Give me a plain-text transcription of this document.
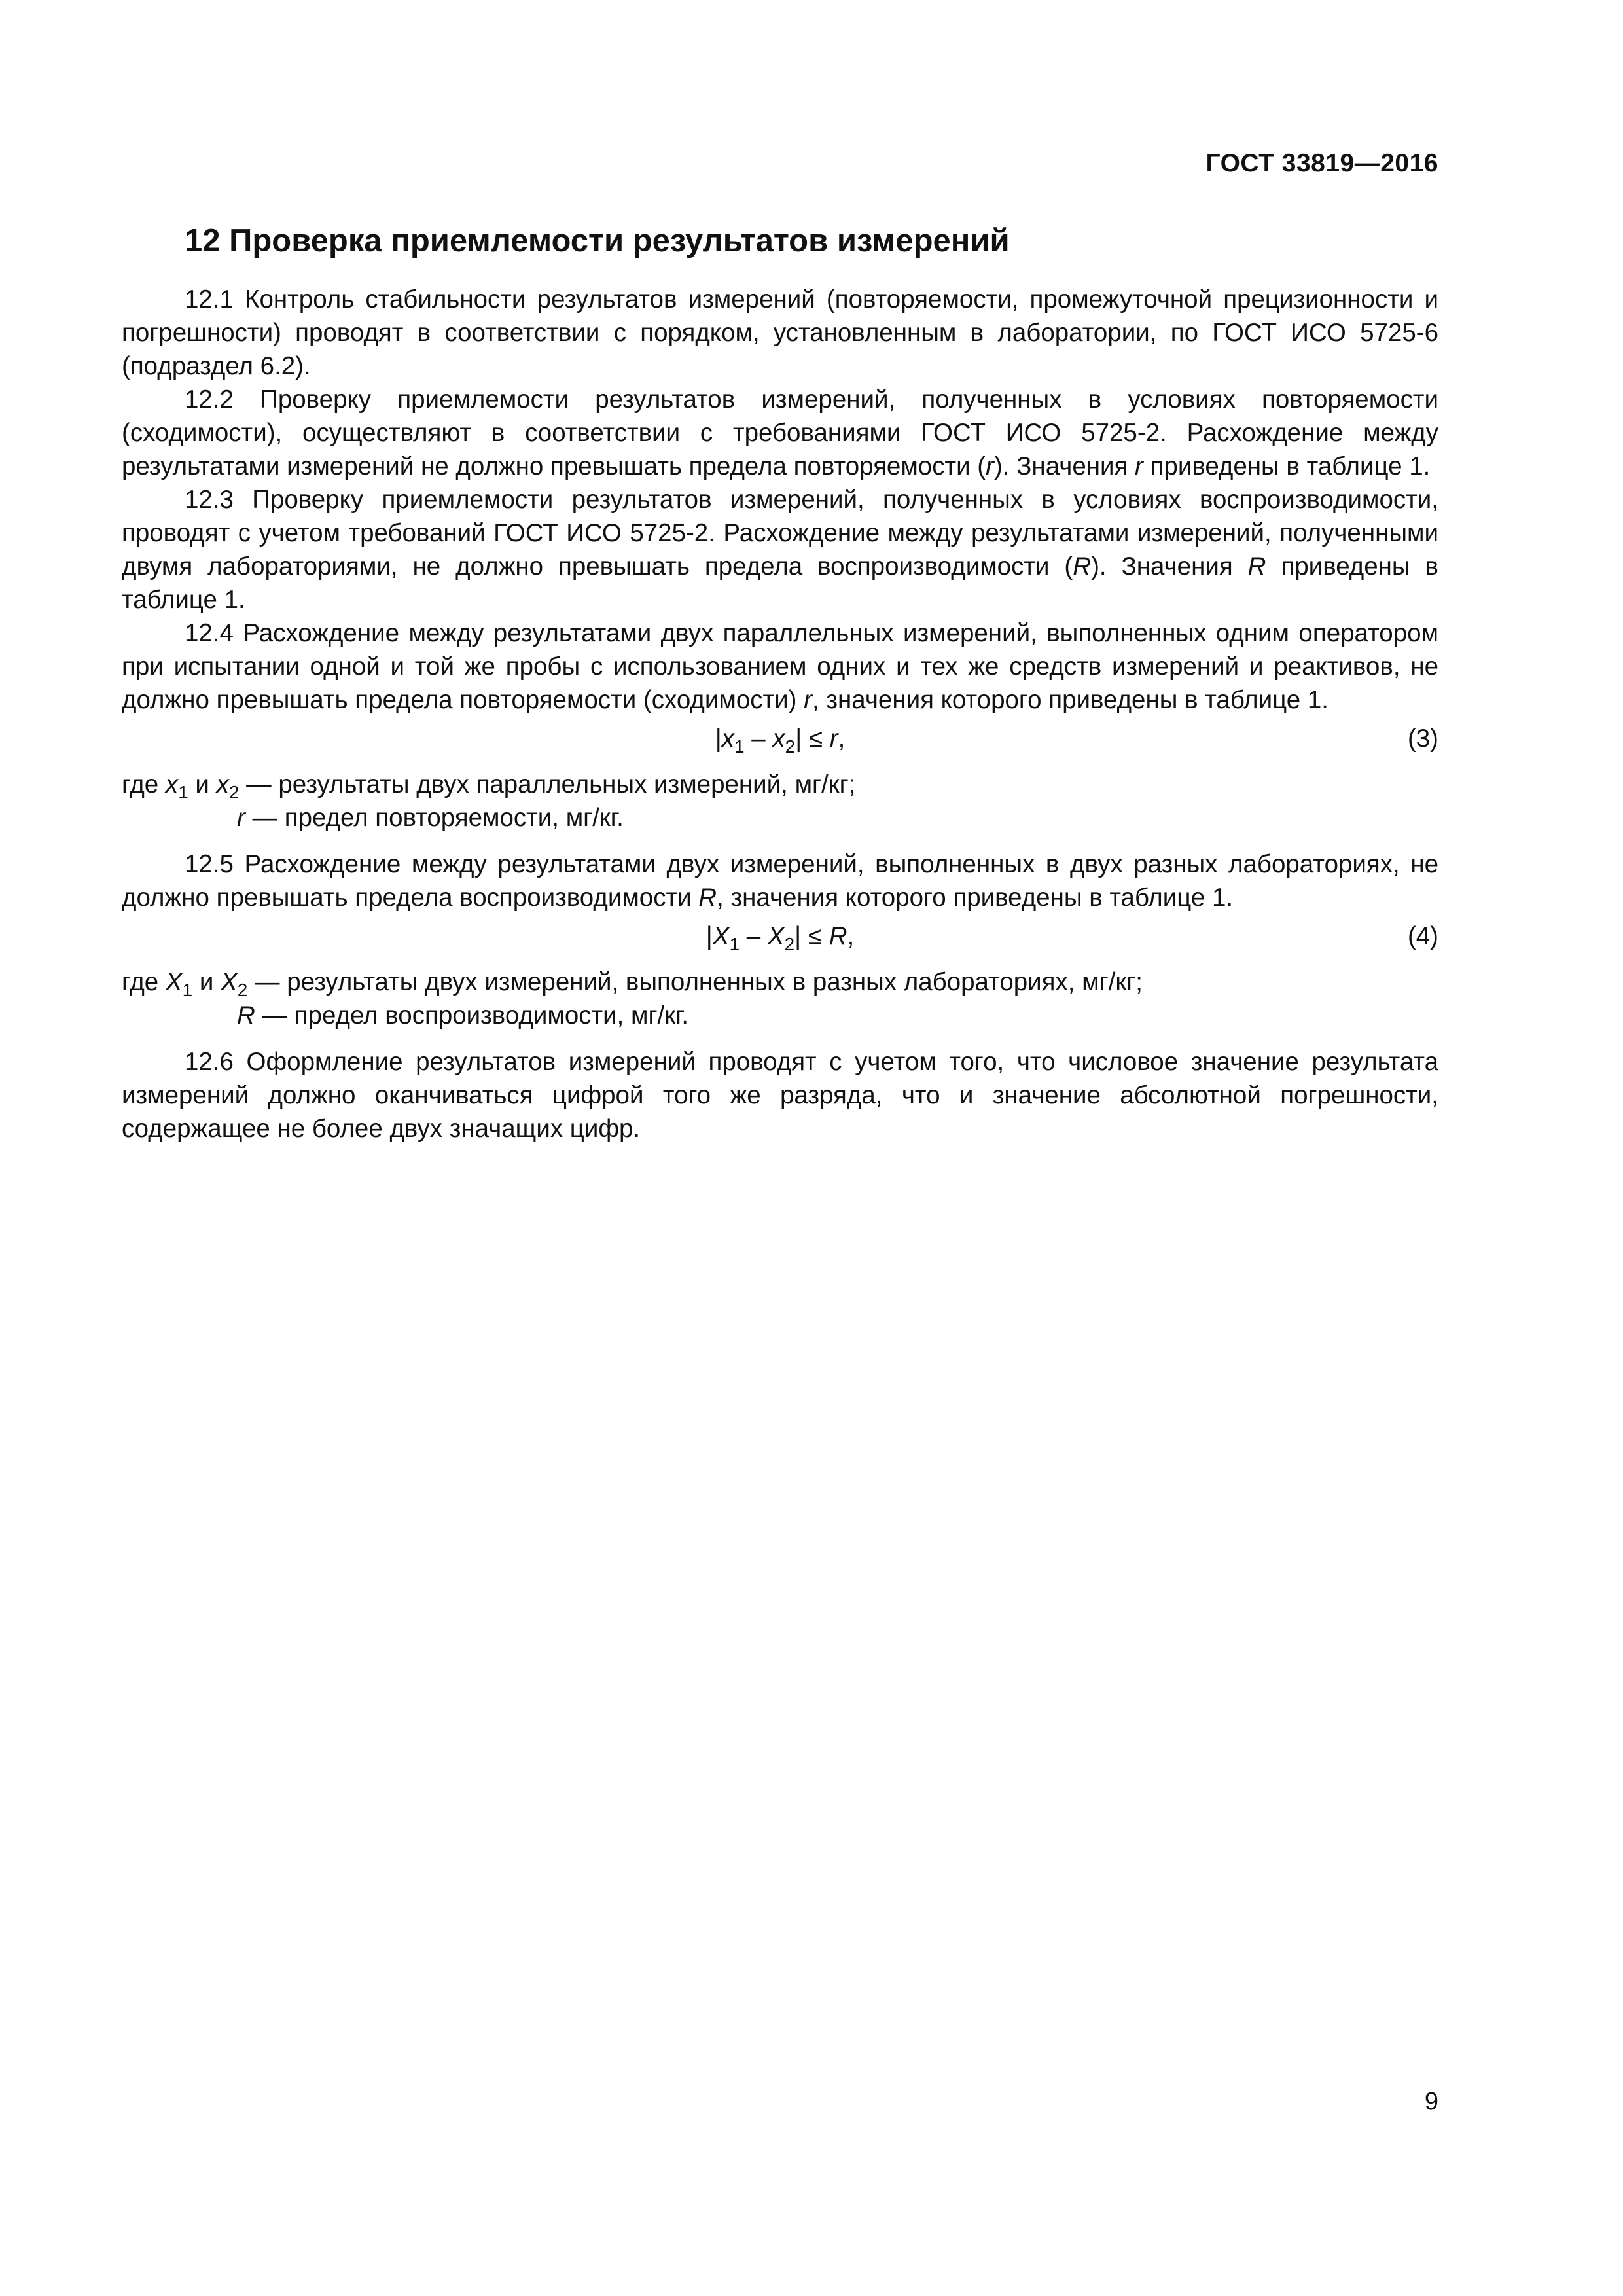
ГОСТ 33819—2016
12 Проверка приемлемости результатов измерений

12.1 Контроль стабильности результатов измерений (повторяемости, промежуточной прецизионности и погрешности) проводят в соответствии с порядком, установленным в лаборатории, по ГОСТ ИСО 5725-6 (подраздел 6.2).

12.2 Проверку приемлемости результатов измерений, полученных в условиях повторяемости (сходимости), осуществляют в соответствии с требованиями ГОСТ ИСО 5725-2. Расхождение между результатами измерений не должно превышать предела повторяемости (r). Значения r приведены в таблице 1.

12.3 Проверку приемлемости результатов измерений, полученных в условиях воспроизводимости, проводят с учетом требований ГОСТ ИСО 5725-2. Расхождение между результатами измерений, полученными двумя лабораториями, не должно превышать предела воспроизводимости (R). Значения R приведены в таблице 1.

12.4 Расхождение между результатами двух параллельных измерений, выполненных одним оператором при испытании одной и той же пробы с использованием одних и тех же средств измерений и реактивов, не должно превышать предела повторяемости (сходимости) r, значения которого приведены в таблице 1.

$|x_1 - x_2| \le r$,	(3)

где $x_1$ и $x_2$ — результаты двух параллельных измерений, мг/кг;

r — предел повторяемости, мг/кг.

12.5 Расхождение между результатами двух измерений, выполненных в двух разных лабораториях, не должно превышать предела воспроизводимости R, значения которого приведены в таблице 1.

$|X_1 - X_2| \le R$,	(4)

где $X_1$ и $X_2$ — результаты двух измерений, выполненных в разных лабораториях, мг/кг;

R — предел воспроизводимости, мг/кг.

12.6 Оформление результатов измерений проводят с учетом того, что числовое значение результата измерений должно оканчиваться цифрой того же разряда, что и значение абсолютной погрешности, содержащее не более двух значащих цифр.

9
